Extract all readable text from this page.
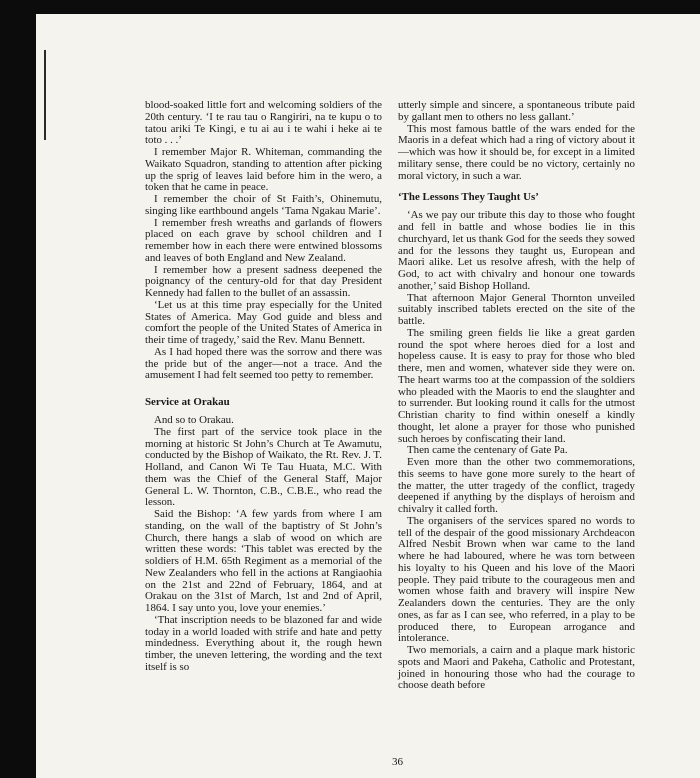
blood-soaked little fort and welcoming soldiers of the 20th century. ‘I te rau tau o Rangiriri, na te kupu o to tatou ariki Te Kingi, e tu ai au i te wahi i heke ai te toto . . .’

I remember Major R. Whiteman, commanding the Waikato Squadron, standing to attention after picking up the sprig of leaves laid before him in the wero, a token that he came in peace.

I remember the choir of St Faith’s, Ohinemutu, singing like earthbound angels ‘Tama Ngakau Marie’.

I remember fresh wreaths and garlands of flowers placed on each grave by school children and I remember how in each there were entwined blossoms and leaves of both England and New Zealand.

I remember how a present sadness deepened the poignancy of the century-old for that day President Kennedy had fallen to the bullet of an assassin.

‘Let us at this time pray especially for the United States of America. May God guide and bless and comfort the people of the United States of America in their time of tragedy,’ said the Rev. Manu Bennett.

As I had hoped there was the sorrow and there was the pride but of the anger—not a trace. And the amusement I had felt seemed too petty to remember.

Service at Orakau

And so to Orakau.

The first part of the service took place in the morning at historic St John’s Church at Te Awamutu, conducted by the Bishop of Waikato, the Rt. Rev. J. T. Holland, and Canon Wi Te Tau Huata, M.C. With them was the Chief of the General Staff, Major General L. W. Thornton, C.B., C.B.E., who read the lesson.

Said the Bishop: ‘A few yards from where I am standing, on the wall of the baptistry of St John’s Church, there hangs a slab of wood on which are written these words: ‘This tablet was erected by the soldiers of H.M. 65th Regiment as a memorial of the New Zealanders who fell in the actions at Rangiaohia on the 21st and 22nd of February, 1864, and at Orakau on the 31st of March, 1st and 2nd of April, 1864. I say unto you, love your enemies.’

‘That inscription needs to be blazoned far and wide today in a world loaded with strife and hate and petty mindedness. Everything about it, the rough hewn timber, the uneven lettering, the wording and the text itself is so

utterly simple and sincere, a spontaneous tribute paid by gallant men to others no less gallant.’

This most famous battle of the wars ended for the Maoris in a defeat which had a ring of victory about it—which was how it should be, for except in a limited military sense, there could be no victory, certainly no moral victory, in such a war.

‘The Lessons They Taught Us’

‘As we pay our tribute this day to those who fought and fell in battle and whose bodies lie in this churchyard, let us thank God for the seeds they sowed and for the lessons they taught us, European and Maori alike. Let us resolve afresh, with the help of God, to act with chivalry and honour one towards another,’ said Bishop Holland.

That afternoon Major General Thornton unveiled suitably inscribed tablets erected on the site of the battle.

The smiling green fields lie like a great garden round the spot where heroes died for a lost and hopeless cause. It is easy to pray for those who bled there, men and women, whatever side they were on. The heart warms too at the compassion of the soldiers who pleaded with the Maoris to end the slaughter and to surrender. But looking round it calls for the utmost Christian charity to find within oneself a kindly thought, let alone a prayer for those who punished such heroes by confiscating their land.

Then came the centenary of Gate Pa.

Even more than the other two commemorations, this seems to have gone more surely to the heart of the matter, the utter tragedy of the conflict, tragedy deepened if anything by the displays of heroism and chivalry it called forth.

The organisers of the services spared no words to tell of the despair of the good missionary Archdeacon Alfred Nesbit Brown when war came to the land where he had laboured, where he was torn between his loyalty to his Queen and his love of the Maori people. They paid tribute to the courageous men and women whose faith and bravery will inspire New Zealanders down the centuries. They are the only ones, as far as I can see, who referred, in a play to be produced there, to European arrogance and intolerance.

Two memorials, a cairn and a plaque mark historic spots and Maori and Pakeha, Catholic and Protestant, joined in honouring those who had the courage to choose death before

36
